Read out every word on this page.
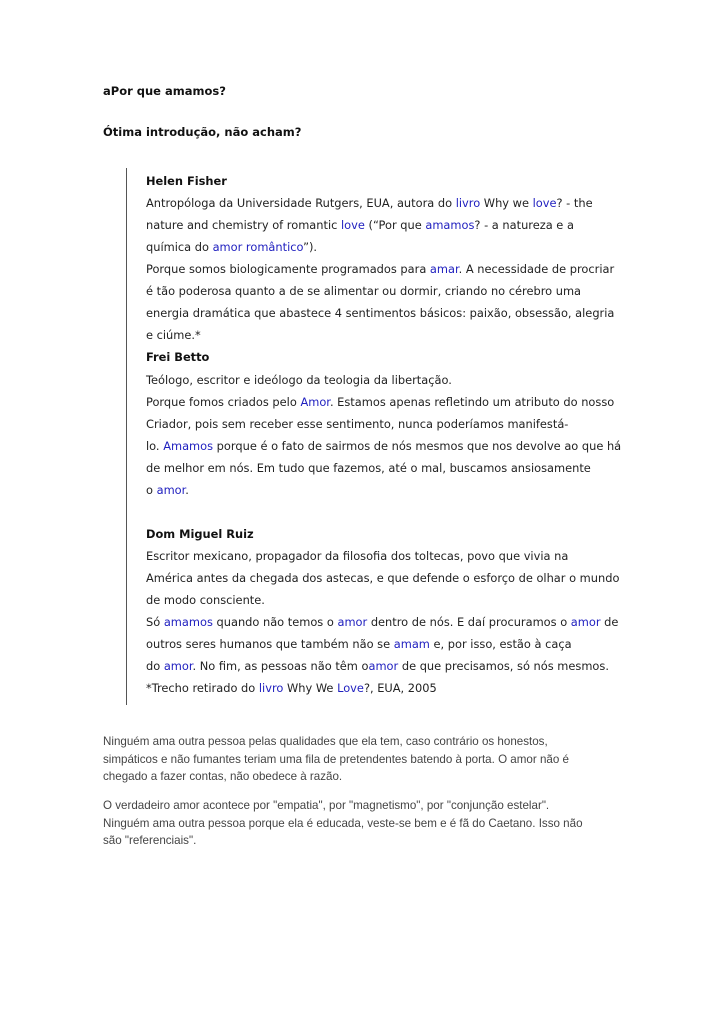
aPor que amamos?
Ótima introdução, não acham?
Helen Fisher
Antropóloga da Universidade Rutgers, EUA, autora do livro Why we love? - the
nature and chemistry of romantic love (“Por que amamos? - a natureza e a
química do amor romântico”).
Porque somos biologicamente programados para amar. A necessidade de procriar
é tão poderosa quanto a de se alimentar ou dormir, criando no cérebro uma
energia dramática que abastece 4 sentimentos básicos: paixão, obsessão, alegria
e ciúme.*
Frei Betto
Teólogo, escritor e ideólogo da teologia da libertação.
Porque fomos criados pelo Amor. Estamos apenas refletindo um atributo do nosso
Criador, pois sem receber esse sentimento, nunca poderíamos manifestá-
lo. Amamos porque é o fato de sairmos de nós mesmos que nos devolve ao que há
de melhor em nós. Em tudo que fazemos, até o mal, buscamos ansiosamente
o amor.
Dom Miguel Ruiz
Escritor mexicano, propagador da filosofia dos toltecas, povo que vivia na
América antes da chegada dos astecas, e que defende o esforço de olhar o mundo
de modo consciente.
Só amamos quando não temos o amor dentro de nós. E daí procuramos o amor de
outros seres humanos que também não se amam e, por isso, estão à caça
do amor. No fim, as pessoas não têm oamor de que precisamos, só nós mesmos.
*Trecho retirado do livro Why We Love?, EUA, 2005
Ninguém ama outra pessoa pelas qualidades que ela tem, caso contrário os honestos,
simpáticos e não fumantes teriam uma fila de pretendentes batendo à porta. O amor não é
chegado a fazer contas, não obedece à razão.
O verdadeiro amor acontece por "empatia", por "magnetismo", por "conjunção estelar".
Ninguém ama outra pessoa porque ela é educada, veste-se bem e é fã do Caetano. Isso não
são "referenciais".
